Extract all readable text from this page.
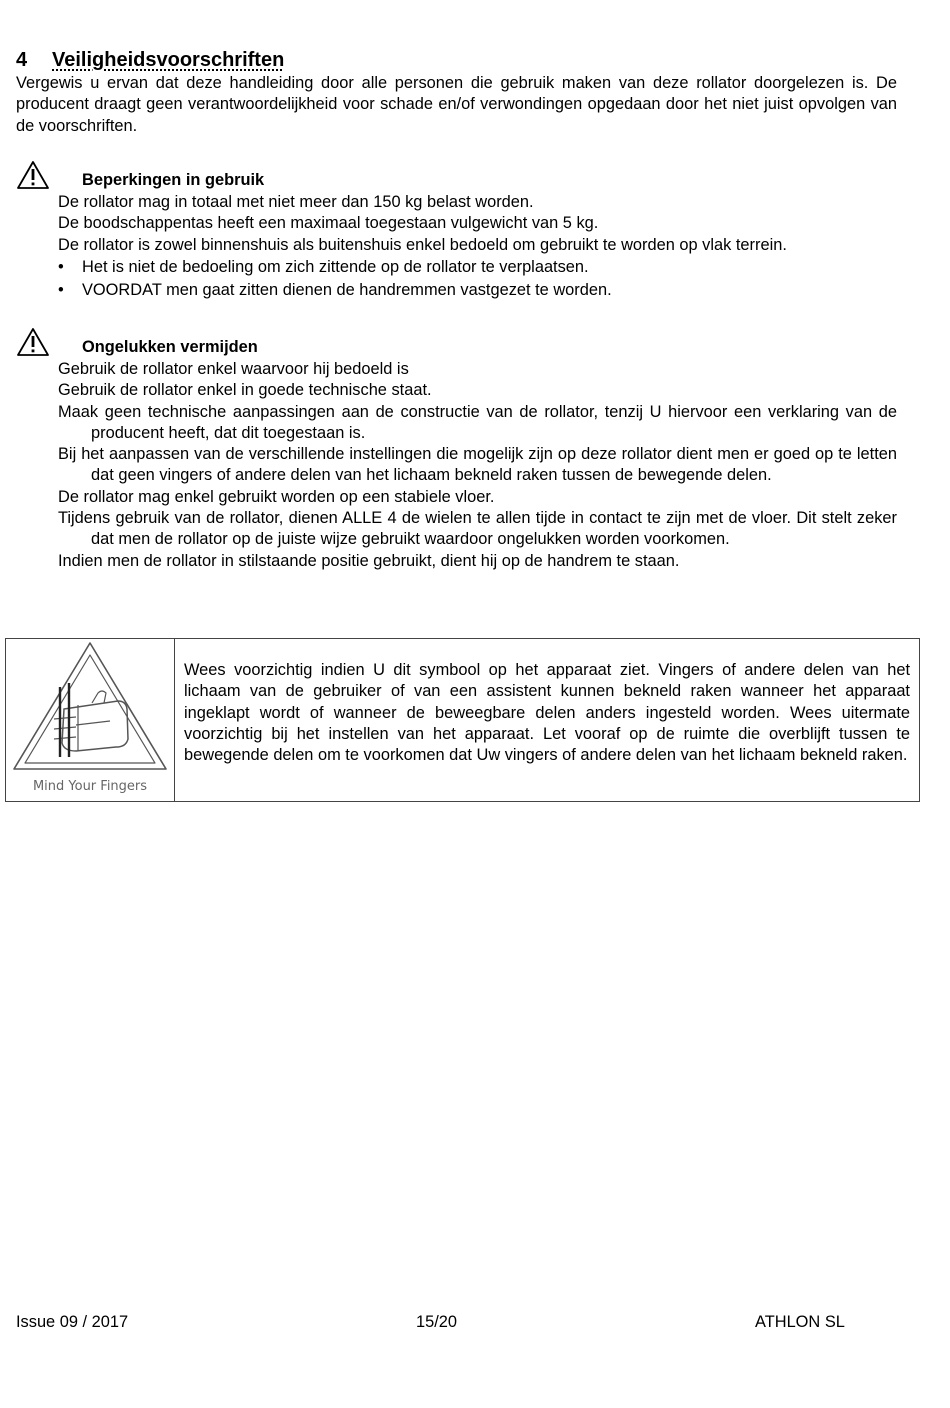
4 Veiligheidsvoorschriften
Vergewis u ervan dat deze handleiding door alle personen die gebruik maken van deze rollator doorgelezen is. De producent draagt geen verantwoordelijkheid voor schade en/of verwondingen opgedaan door het niet juist opvolgen van de voorschriften.
Beperkingen in gebruik

De rollator mag in totaal met niet meer dan 150 kg belast worden.

De boodschappentas heeft een maximaal toegestaan vulgewicht van 5 kg.

De rollator is zowel binnenshuis als buitenshuis enkel bedoeld om gebruikt te worden op vlak terrein.

• Het is niet de bedoeling om zich zittende op de rollator te verplaatsen.

• VOORDAT men gaat zitten dienen de handremmen vastgezet te worden.

Ongelukken vermijden

Gebruik de rollator enkel waarvoor hij bedoeld is

Gebruik de rollator enkel in goede technische staat.

Maak geen technische aanpassingen aan de constructie van de rollator, tenzij U hiervoor een verklaring van de producent heeft, dat dit toegestaan is.

Bij het aanpassen van de verschillende instellingen die mogelijk zijn op deze rollator dient men er goed op te letten dat geen vingers of andere delen van het lichaam bekneld raken tussen de bewegende delen.

De rollator mag enkel gebruikt worden op een stabiele vloer.

Tijdens gebruik van de rollator, dienen ALLE 4 de wielen te allen tijde in contact te zijn met de vloer. Dit stelt zeker dat men de rollator op de juiste wijze gebruikt waardoor ongelukken worden voorkomen.

Indien men de rollator in stilstaande positie gebruikt, dient hij op de handrem te staan.

Mind Your Fingers
Wees voorzichtig indien U dit symbool op het apparaat ziet. Vingers of andere delen van het lichaam van de gebruiker of van een assistent kunnen bekneld raken wanneer het apparaat ingeklapt wordt of wanneer de beweegbare delen anders ingesteld worden. Wees uitermate voorzichtig bij het instellen van het apparaat. Let vooraf op de ruimte die overblijft tussen te bewegende delen om te voorkomen dat Uw vingers of andere delen van het lichaam bekneld raken.
Issue 09 / 2017	15/20	ATHLON SL
